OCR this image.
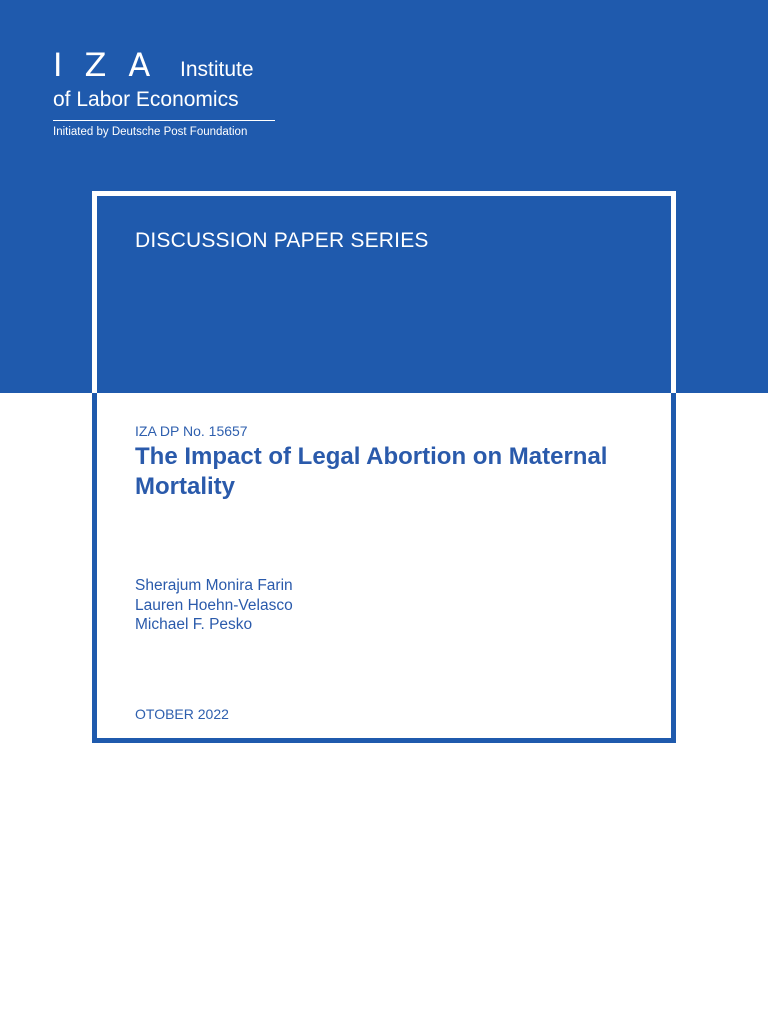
IZA Institute
of Labor Economics
Initiated by Deutsche Post Foundation
DISCUSSION PAPER SERIES
IZA DP No. 15657
The Impact of Legal Abortion on Maternal Mortality
Sherajum Monira Farin
Lauren Hoehn-Velasco
Michael F. Pesko
OTOBER 2022
